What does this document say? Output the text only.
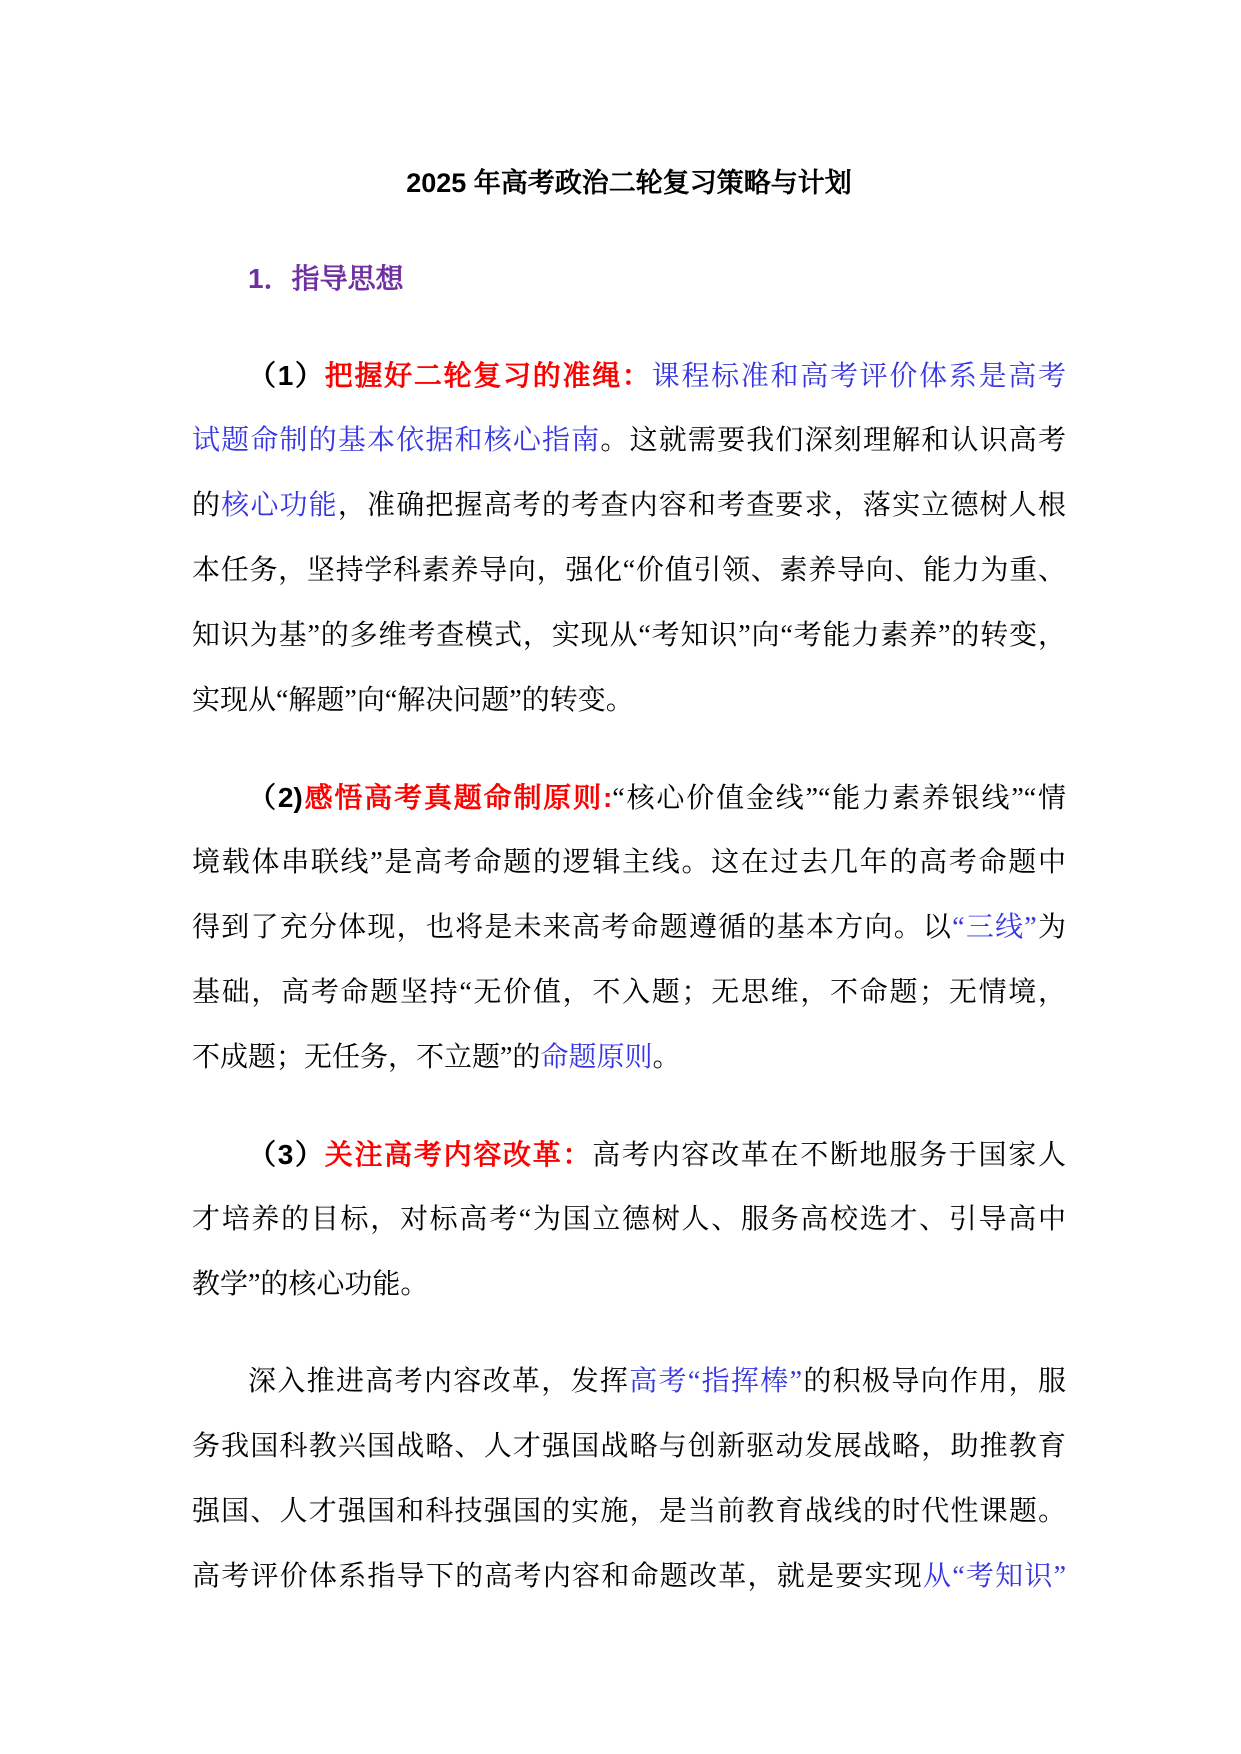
2025 年高考政治二轮复习策略与计划
1．指导思想
（1）把握好二轮复习的准绳：课程标准和高考评价体系是高考
试题命制的基本依据和核心指南。这就需要我们深刻理解和认识高考
的核心功能，准确把握高考的考查内容和考查要求，落实立德树人根
本任务，坚持学科素养导向，强化“价值引领、素养导向、能力为重、
知识为基”的多维考查模式，实现从“考知识”向“考能力素养”的转变，
实现从“解题”向“解决问题”的转变。
（2)感悟高考真题命制原则:“核心价值金线”“能力素养银线”“情
境载体串联线”是高考命题的逻辑主线。这在过去几年的高考命题中
得到了充分体现，也将是未来高考命题遵循的基本方向。以“三线”为
基础，高考命题坚持“无价值，不入题；无思维，不命题；无情境，
不成题；无任务，不立题”的命题原则。
（3）关注高考内容改革：高考内容改革在不断地服务于国家人
才培养的目标，对标高考“为国立德树人、服务高校选才、引导高中
教学”的核心功能。
深入推进高考内容改革，发挥高考“指挥棒”的积极导向作用，服
务我国科教兴国战略、人才强国战略与创新驱动发展战略，助推教育
强国、人才强国和科技强国的实施，是当前教育战线的时代性课题。
高考评价体系指导下的高考内容和命题改革，就是要实现从“考知识”
